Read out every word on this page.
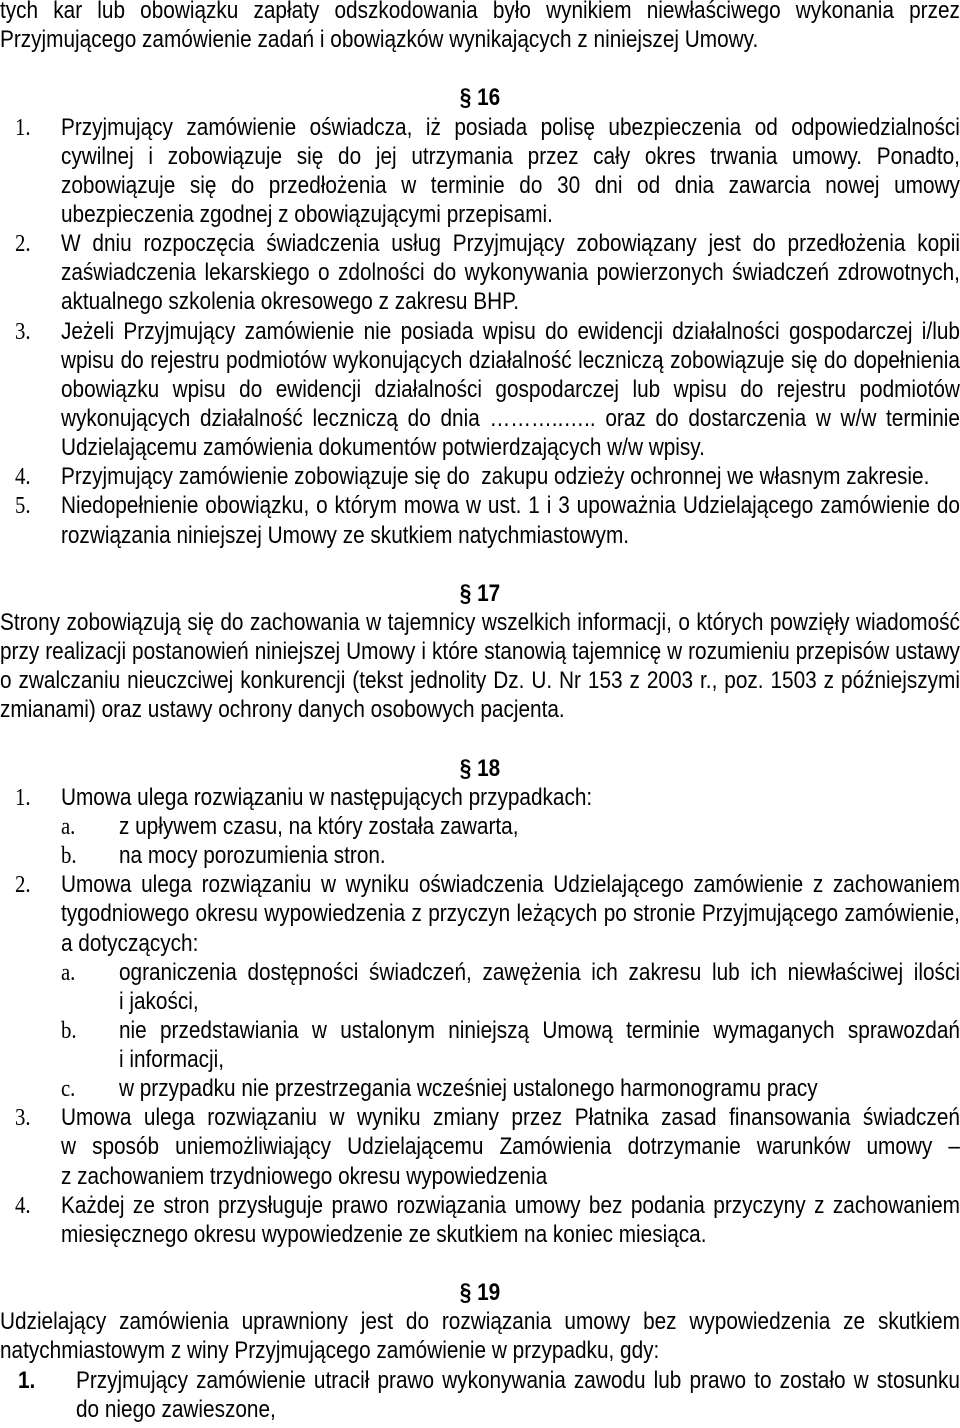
tych kar lub obowiązku zapłaty odszkodowania było wynikiem niewłaściwego wykonania przez
Przyjmującego zamówienie zadań i obowiązków wynikających z niniejszej Umowy.
§ 16
1. Przyjmujący zamówienie oświadcza, iż posiada polisę ubezpieczenia od odpowiedzialności
cywilnej i zobowiązuje się do jej utrzymania przez cały okres trwania umowy. Ponadto,
zobowiązuje się do przedłożenia w terminie do 30 dni od dnia zawarcia nowej umowy
ubezpieczenia zgodnej z obowiązującymi przepisami.
2. W dniu rozpoczęcia świadczenia usług Przyjmujący zobowiązany jest do przedłożenia kopii
zaświadczenia lekarskiego o zdolności do wykonywania powierzonych świadczeń zdrowotnych,
aktualnego szkolenia okresowego z zakresu BHP.
3. Jeżeli Przyjmujący zamówienie nie posiada wpisu do ewidencji działalności gospodarczej i/lub
wpisu do rejestru podmiotów wykonujących działalność leczniczą zobowiązuje się do dopełnienia
obowiązku wpisu do ewidencji działalności gospodarczej lub wpisu do rejestru podmiotów
wykonujących działalność leczniczą do dnia ………..….. oraz do dostarczenia w w/w terminie
Udzielającemu zamówienia dokumentów potwierdzających w/w wpisy.
4. Przyjmujący zamówienie zobowiązuje się do  zakupu odzieży ochronnej we własnym zakresie.
5. Niedopełnienie obowiązku, o którym mowa w ust. 1 i 3 upoważnia Udzielającego zamówienie do
rozwiązania niniejszej Umowy ze skutkiem natychmiastowym.
§ 17
Strony zobowiązują się do zachowania w tajemnicy wszelkich informacji, o których powzięły wiadomość
przy realizacji postanowień niniejszej Umowy i które stanowią tajemnicę w rozumieniu przepisów ustawy
o zwalczaniu nieuczciwej konkurencji (tekst jednolity Dz. U. Nr 153 z 2003 r., poz. 1503 z późniejszymi
zmianami) oraz ustawy ochrony danych osobowych pacjenta.
§ 18
1. Umowa ulega rozwiązaniu w następujących przypadkach:
a. z upływem czasu, na który została zawarta,
b. na mocy porozumienia stron.
2. Umowa ulega rozwiązaniu w wyniku oświadczenia Udzielającego zamówienie z zachowaniem
tygodniowego okresu wypowiedzenia z przyczyn leżących po stronie Przyjmującego zamówienie,
a dotyczących:
a. ograniczenia dostępności świadczeń, zawężenia ich zakresu lub ich niewłaściwej ilości
i jakości,
b. nie przedstawiania w ustalonym niniejszą Umową terminie wymaganych sprawozdań
i informacji,
c. w przypadku nie przestrzegania wcześniej ustalonego harmonogramu pracy
3. Umowa ulega rozwiązaniu w wyniku zmiany przez Płatnika zasad finansowania świadczeń
w sposób uniemożliwiający Udzielającemu Zamówienia dotrzymanie warunków umowy –
z zachowaniem trzydniowego okresu wypowiedzenia
4. Każdej ze stron przysługuje prawo rozwiązania umowy bez podania przyczyny z zachowaniem
miesięcznego okresu wypowiedzenie ze skutkiem na koniec miesiąca.
§ 19
Udzielający zamówienia uprawniony jest do rozwiązania umowy bez wypowiedzenia ze skutkiem
natychmiastowym z winy Przyjmującego zamówienie w przypadku, gdy:
1. Przyjmujący zamówienie utracił prawo wykonywania zawodu lub prawo to zostało w stosunku
do niego zawieszone,
